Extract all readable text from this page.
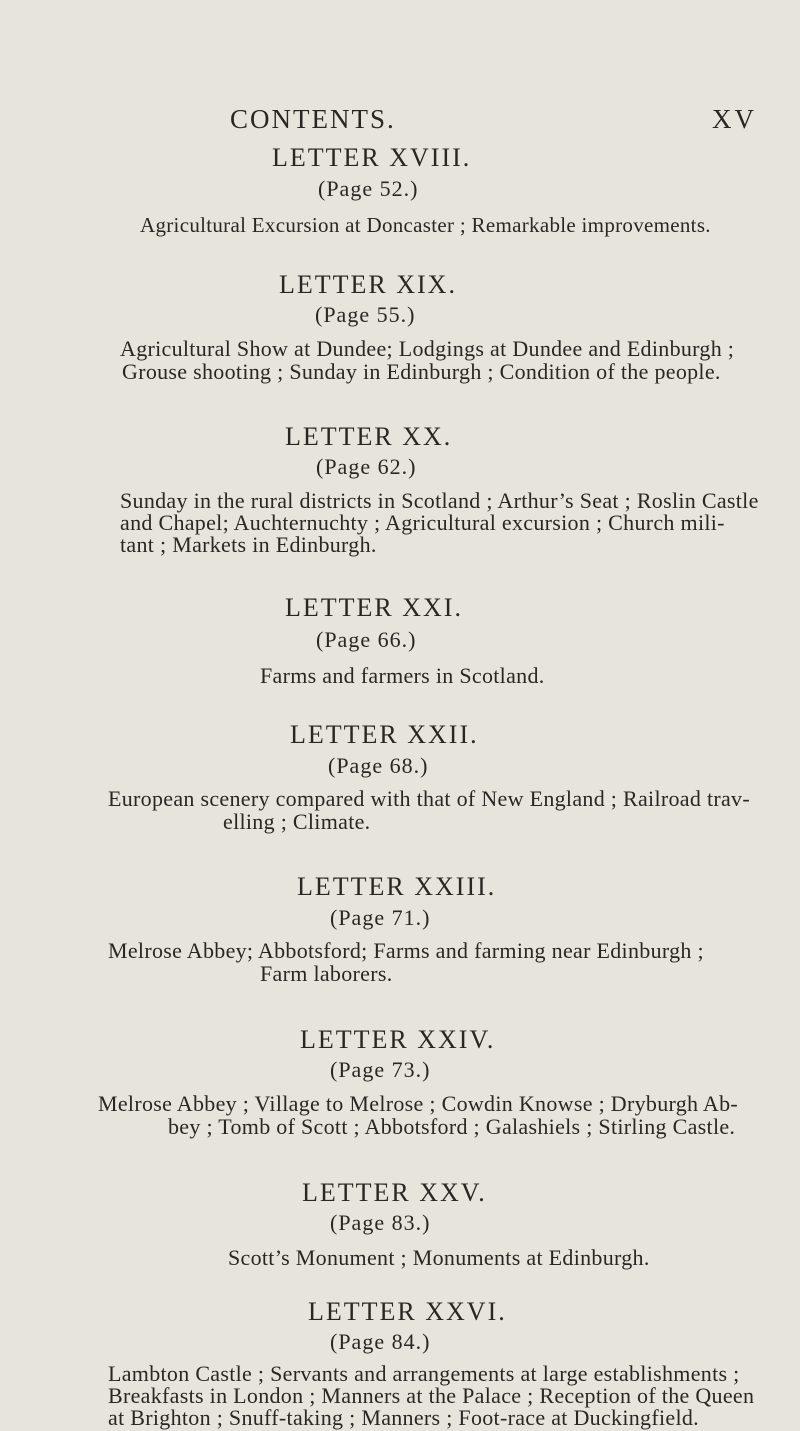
CONTENTS.	XV
LETTER XVIII.
(Page 52.)
Agricultural Excursion at Doncaster ; Remarkable improvements.
LETTER XIX.
(Page 55.)
Agricultural Show at Dundee; Lodgings at Dundee and Edinburgh ;
Grouse shooting ; Sunday in Edinburgh ; Condition of the people.
LETTER XX.
(Page 62.)
Sunday in the rural districts in Scotland ; Arthur’s Seat ; Roslin Castle
and Chapel; Auchternuchty ; Agricultural excursion ; Church mili-
tant ; Markets in Edinburgh.
LETTER XXI.
(Page 66.)
Farms and farmers in Scotland.
LETTER XXII.
(Page 68.)
European scenery compared with that of New England ; Railroad trav-
elling ; Climate.
LETTER XXIII.
(Page 71.)
Melrose Abbey; Abbotsford; Farms and farming near Edinburgh ;
Farm laborers.
LETTER XXIV.
(Page 73.)
Melrose Abbey ; Village to Melrose ; Cowdin Knowse ; Dryburgh Ab-
bey ; Tomb of Scott ; Abbotsford ; Galashiels ; Stirling Castle.
LETTER XXV.
(Page 83.)
Scott’s Monument ; Monuments at Edinburgh.
LETTER XXVI.
(Page 84.)
Lambton Castle ; Servants and arrangements at large establishments ;
Breakfasts in London ; Manners at the Palace ; Reception of the Queen
at Brighton ; Snuff-taking ; Manners ; Foot-race at Duckingfield.
